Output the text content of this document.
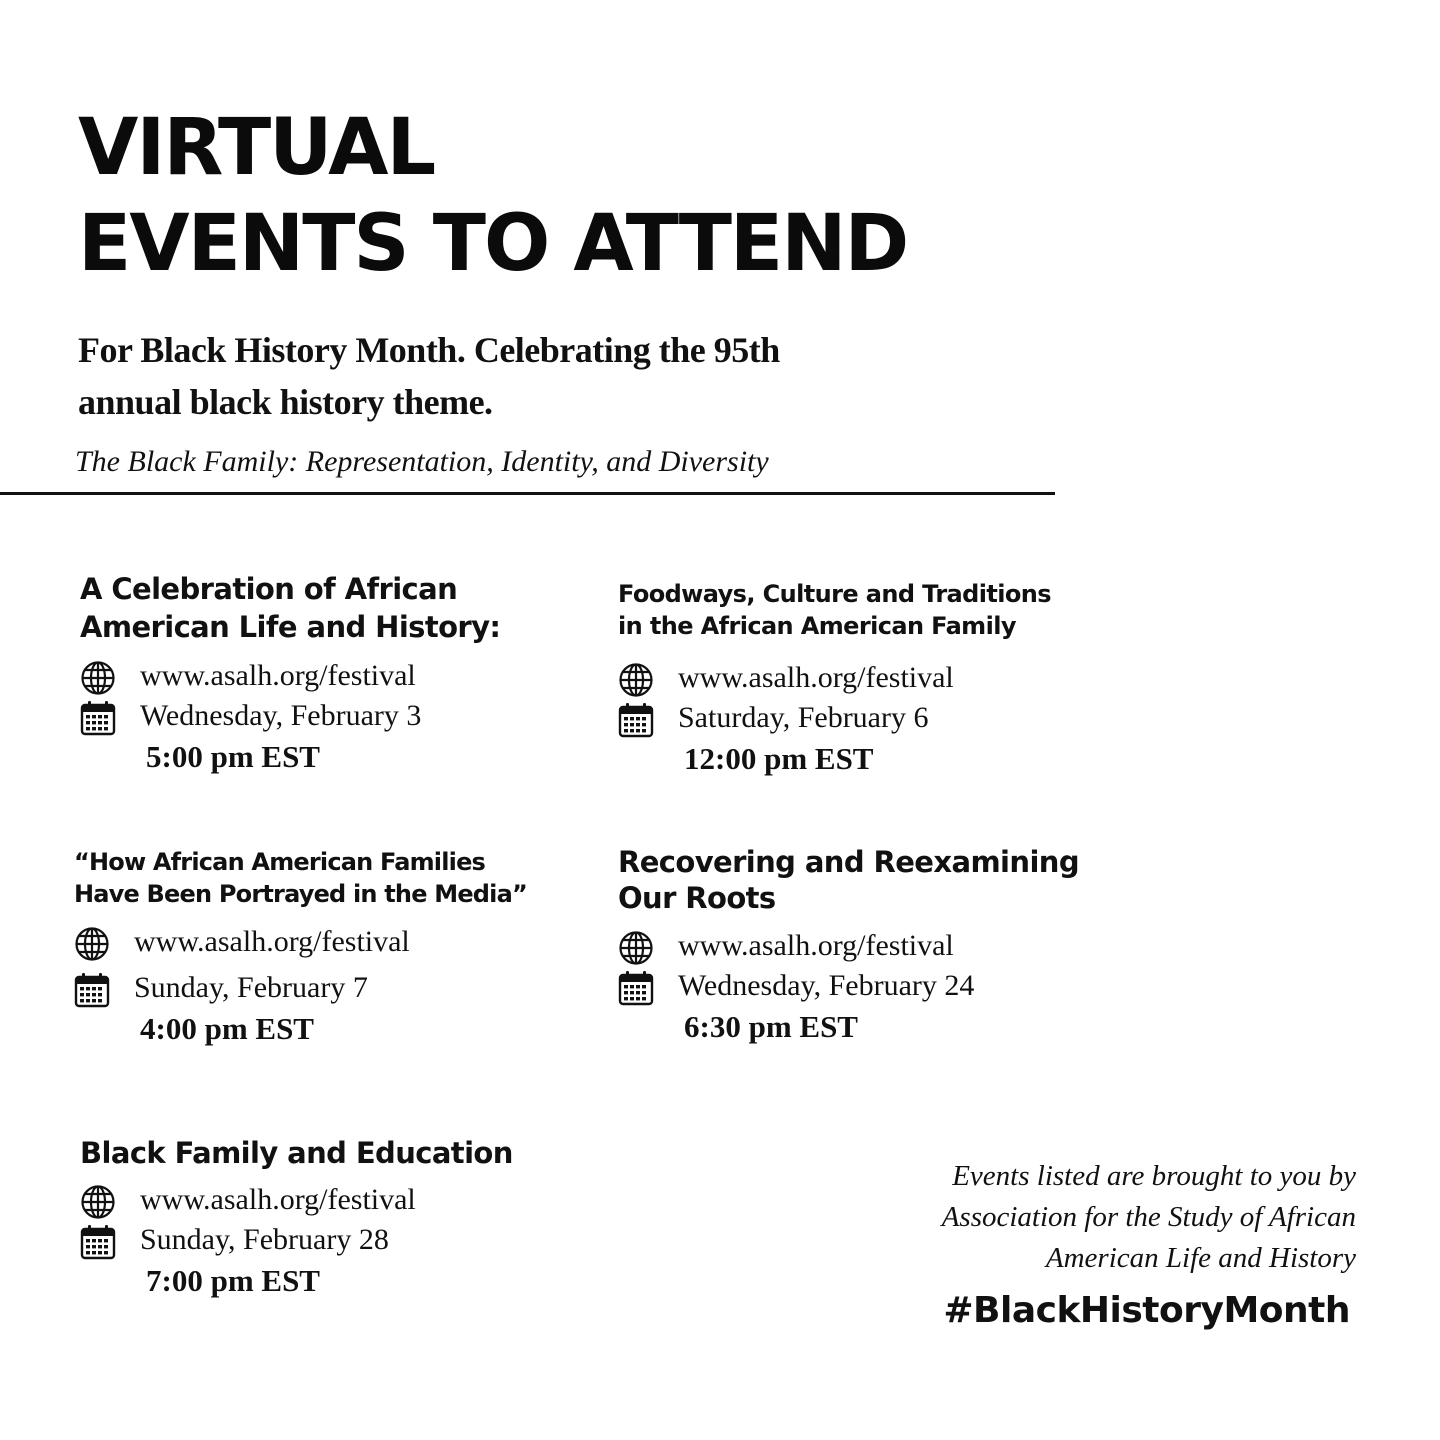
VIRTUAL
EVENTS TO ATTEND

For Black History Month. Celebrating the 95th annual black history theme.

The Black Family: Representation, Identity, and Diversity

A Celebration of African
American Life and History:
www.asalh.org/festival
Wednesday, February 3
5:00 pm EST
Foodways, Culture and Traditions
in the African American Family
www.asalh.org/festival
Saturday, February 6
12:00 pm EST
“How African American Families
Have Been Portrayed in the Media”
www.asalh.org/festival
Sunday, February 7
4:00 pm EST
Recovering and Reexamining
Our Roots
www.asalh.org/festival
Wednesday, February 24
6:30 pm EST
Black Family and Education
www.asalh.org/festival
Sunday, February 28
7:00 pm EST

Events listed are brought to you by
Association for the Study of African
American Life and History

#BlackHistoryMonth
